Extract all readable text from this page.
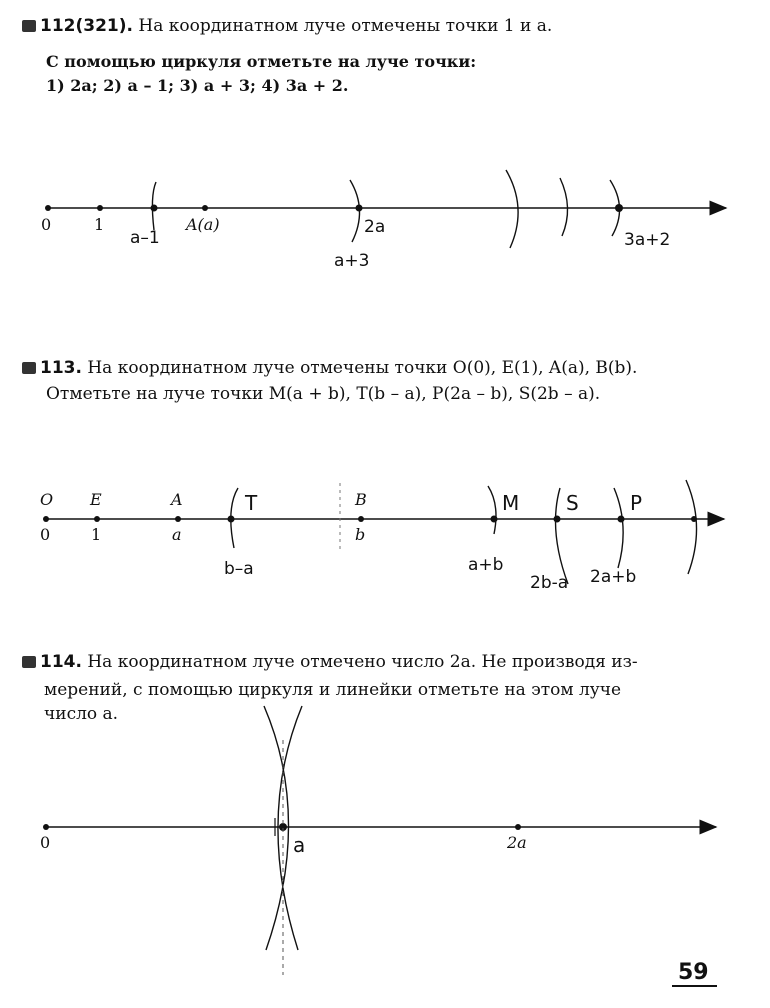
112(321). На координатном луче отмечены точки 1 и a.
С помощью циркуля отметьте на луче точки:
1) 2a; 2) a – 1; 3) a + 3; 4) 3a + 2.
113. На координатном луче отмечены точки O(0), E(1), A(a), B(b).
Отметьте на луче точки M(a + b), T(b – a), P(2a – b), S(2b – a).
114. На координатном луче отмечено число 2a. Не производя из-
мерений, с помощью циркуля и линейки отметьте на этом луче
число a.
0	1	A(a)
a–1
2a
a+3
3a+2
O E	A	B
0	1	a	b
T	M S	P
b–a	a+b
2b-a 2a+b
0	2a
a
59
